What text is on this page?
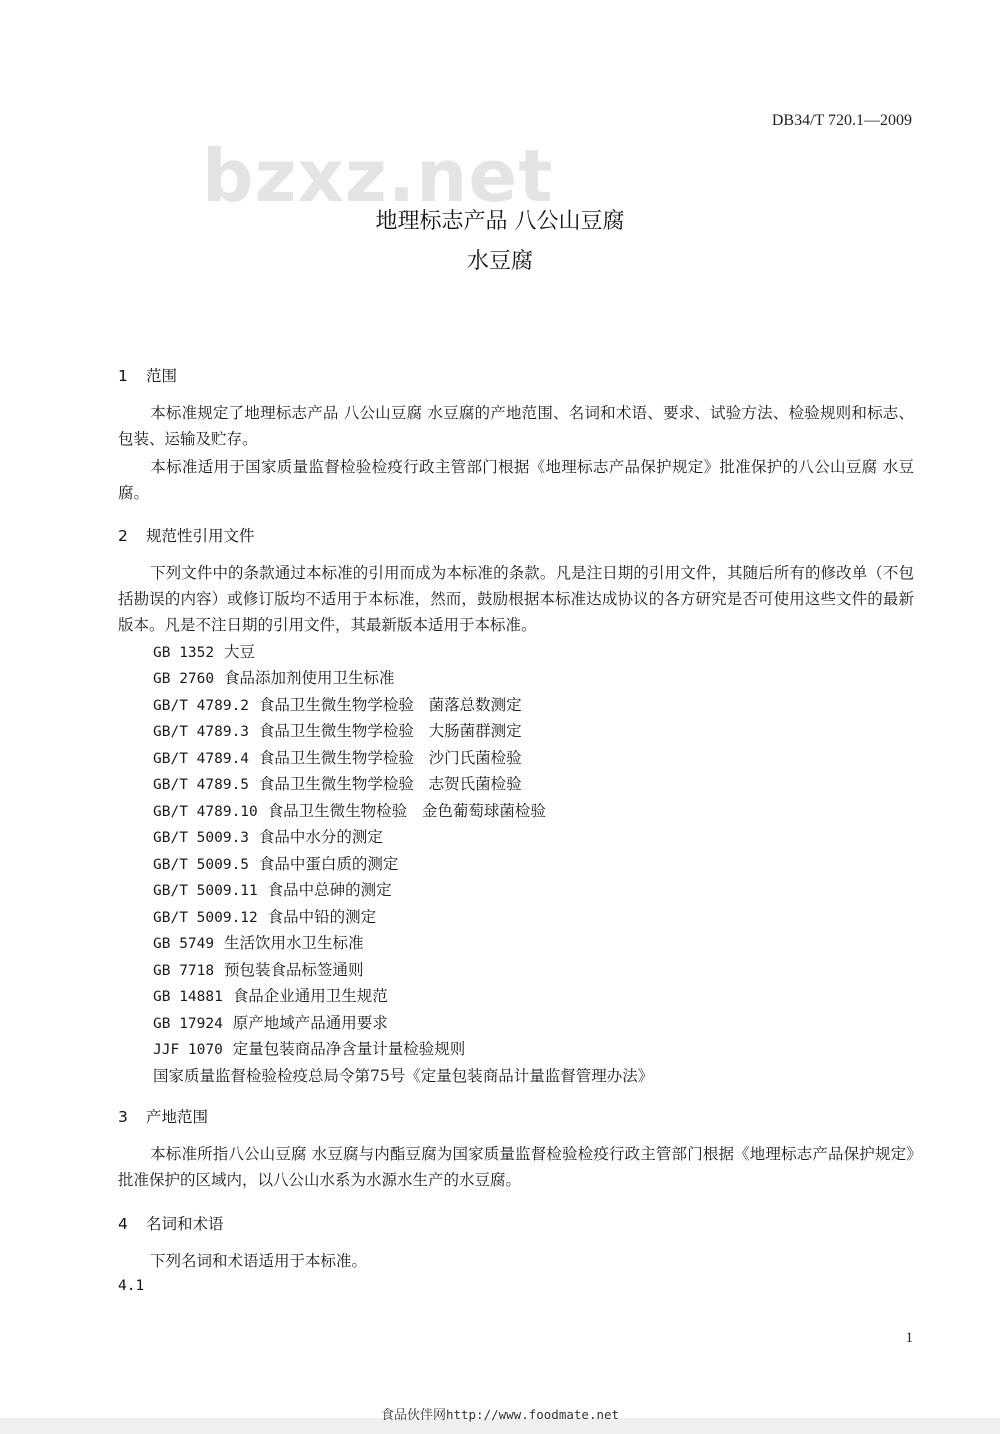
DB34/T 720.1—2009
bzxz.net
地理标志产品 八公山豆腐
水豆腐
1 范围
本标准规定了地理标志产品 八公山豆腐 水豆腐的产地范围、名词和术语、要求、试验方法、检验规则和标志、包装、运输及贮存。
本标准适用于国家质量监督检验检疫行政主管部门根据《地理标志产品保护规定》批准保护的八公山豆腐 水豆腐。
2 规范性引用文件
下列文件中的条款通过本标准的引用而成为本标准的条款。凡是注日期的引用文件，其随后所有的修改单（不包括勘误的内容）或修订版均不适用于本标准，然而，鼓励根据本标准达成协议的各方研究是否可使用这些文件的最新版本。凡是不注日期的引用文件，其最新版本适用于本标准。
GB 1352 大豆
GB 2760 食品添加剂使用卫生标准
GB/T 4789.2 食品卫生微生物学检验   菌落总数测定
GB/T 4789.3 食品卫生微生物学检验   大肠菌群测定
GB/T 4789.4 食品卫生微生物学检验   沙门氏菌检验
GB/T 4789.5 食品卫生微生物学检验   志贺氏菌检验
GB/T 4789.10 食品卫生微生物检验   金色葡萄球菌检验
GB/T 5009.3 食品中水分的测定
GB/T 5009.5 食品中蛋白质的测定
GB/T 5009.11 食品中总砷的测定
GB/T 5009.12 食品中铅的测定
GB 5749 生活饮用水卫生标准
GB 7718 预包装食品标签通则
GB 14881 食品企业通用卫生规范
GB 17924 原产地域产品通用要求
JJF 1070 定量包装商品净含量计量检验规则
国家质量监督检验检疫总局令第75号《定量包装商品计量监督管理办法》
3 产地范围
本标准所指八公山豆腐 水豆腐与内酯豆腐为国家质量监督检验检疫行政主管部门根据《地理标志产品保护规定》批准保护的区域内，以八公山水系为水源水生产的水豆腐。
4 名词和术语
下列名词和术语适用于本标准。
4.1
1
食品伙伴网http://www.foodmate.net
